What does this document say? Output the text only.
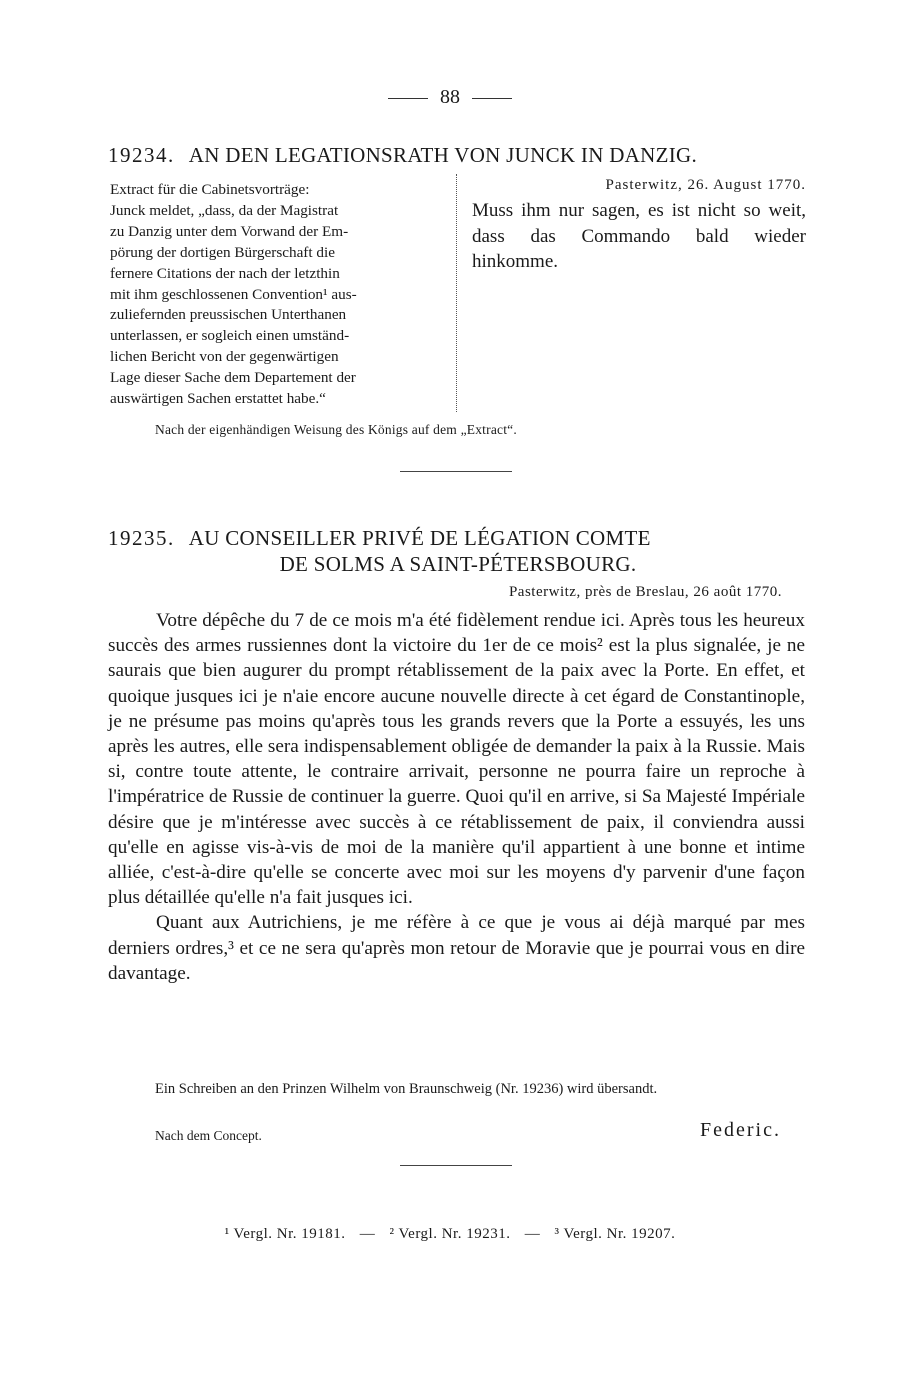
88
19234. AN DEN LEGATIONSRATH VON JUNCK IN DANZIG.
Extract für die Cabinetsvorträge:
Junck meldet, „dass, da der Magistrat
zu Danzig unter dem Vorwand der Em-
pörung der dortigen Bürgerschaft die
fernere Citations der nach der letzthin
mit ihm geschlossenen Convention¹ aus-
zuliefernden preussischen Unterthanen
unterlassen, er sogleich einen umständ-
lichen Bericht von der gegenwärtigen
Lage dieser Sache dem Departement der
auswärtigen Sachen erstattet habe.“
Pasterwitz, 26. August 1770.
Muss ihm nur sagen, es ist nicht so weit, dass das Commando bald wieder hinkomme.
Nach der eigenhändigen Weisung des Königs auf dem „Extract“.
19235. AU CONSEILLER PRIVÉ DE LÉGATION COMTE
DE SOLMS A SAINT-PÉTERSBOURG.
Pasterwitz, près de Breslau, 26 août 1770.

Votre dépêche du 7 de ce mois m'a été fidèlement rendue ici. Après tous les heureux succès des armes russiennes dont la victoire du 1er de ce mois² est la plus signalée, je ne saurais que bien augurer du prompt rétablissement de la paix avec la Porte. En effet, et quoique jusques ici je n'aie encore aucune nouvelle directe à cet égard de Constantinople, je ne présume pas moins qu'après tous les grands revers que la Porte a essuyés, les uns après les autres, elle sera indispensablement obligée de demander la paix à la Russie. Mais si, contre toute attente, le contraire arrivait, personne ne pourra faire un reproche à l'impératrice de Russie de continuer la guerre. Quoi qu'il en arrive, si Sa Majesté Impériale désire que je m'intéresse avec succès à ce rétablissement de paix, il conviendra aussi qu'elle en agisse vis-à-vis de moi de la manière qu'il appartient à une bonne et intime alliée, c'est-à-dire qu'elle se concerte avec moi sur les moyens d'y parvenir d'une façon plus détaillée qu'elle n'a fait jusques ici.

Quant aux Autrichiens, je me réfère à ce que je vous ai déjà marqué par mes derniers ordres,³ et ce ne sera qu'après mon retour de Moravie que je pourrai vous en dire davantage.

Ein Schreiben an den Prinzen Wilhelm von Braunschweig (Nr. 19236) wird übersandt.
Nach dem Concept.	Federic.
¹ Vergl. Nr. 19181. — ² Vergl. Nr. 19231. — ³ Vergl. Nr. 19207.
